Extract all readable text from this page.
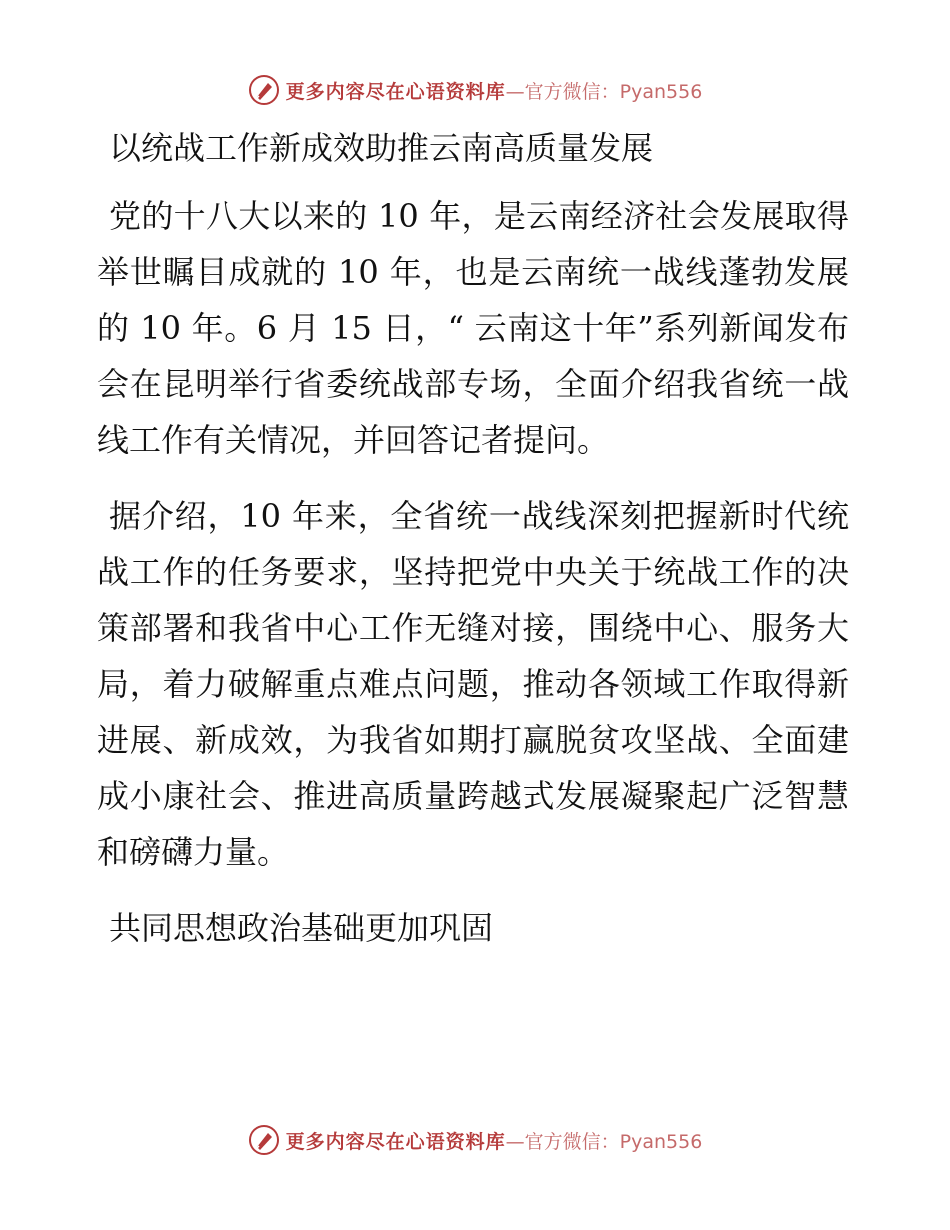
更多内容尽在心语资料库 —官方微信：Pyan556
以统战工作新成效助推云南高质量发展

党的十八大以来的 10 年，是云南经济社会发展取得举世瞩目成就的 10 年，也是云南统一战线蓬勃发展的 10 年。6 月 15 日，“ 云南这十年”系列新闻发布会在昆明举行省委统战部专场，全面介绍我省统一战线工作有关情况，并回答记者提问。

据介绍，10 年来，全省统一战线深刻把握新时代统战工作的任务要求，坚持把党中央关于统战工作的决策部署和我省中心工作无缝对接，围绕中心、服务大局，着力破解重点难点问题，推动各领域工作取得新进展、新成效，为我省如期打赢脱贫攻坚战、全面建成小康社会、推进高质量跨越式发展凝聚起广泛智慧和磅礴力量。

共同思想政治基础更加巩固

更多内容尽在心语资料库 —官方微信：Pyan556
